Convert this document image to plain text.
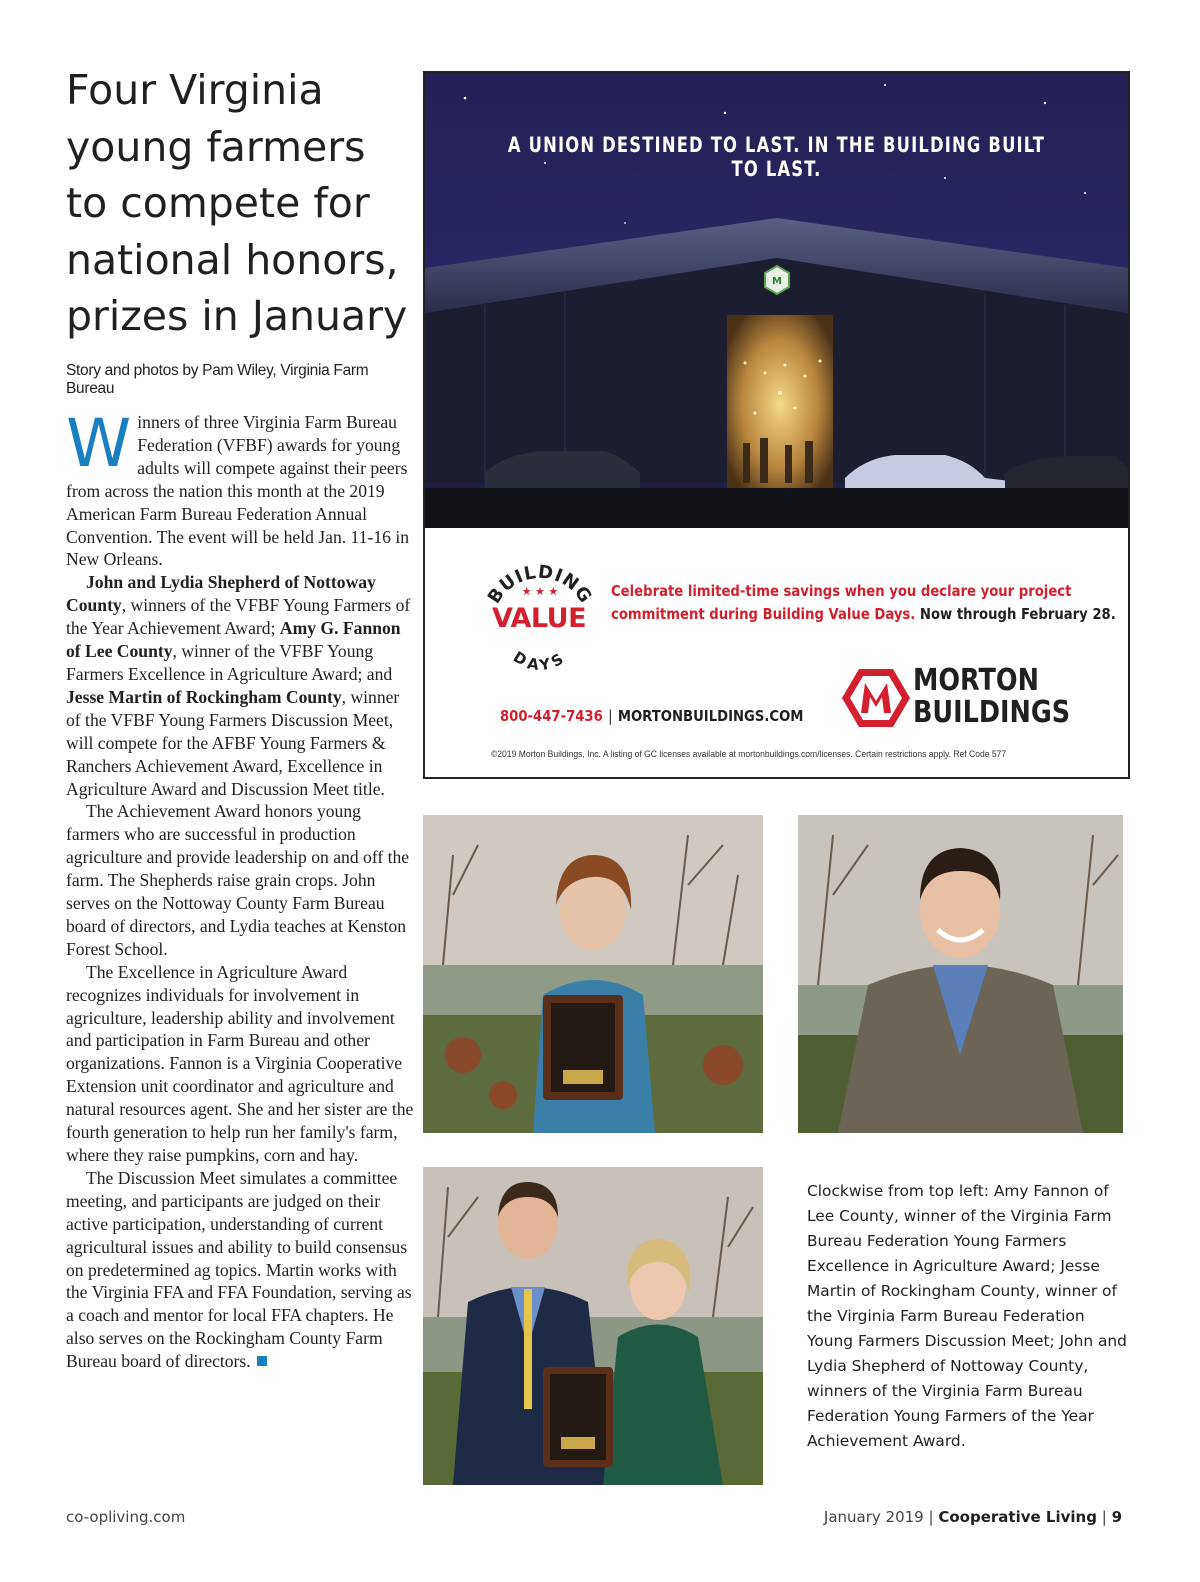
Four Virginia young farmers to compete for national honors, prizes in January
Story and photos by Pam Wiley, Virginia Farm Bureau

Winners of three Virginia Farm Bureau Federation (VFBF) awards for young adults will compete against their peers from across the nation this month at the 2019 American Farm Bureau Federation Annual Convention. The event will be held Jan. 11-16 in New Orleans.

John and Lydia Shepherd of Nottoway County, winners of the VFBF Young Farmers of the Year Achievement Award; Amy G. Fannon of Lee County, winner of the VFBF Young Farmers Excellence in Agriculture Award; and Jesse Martin of Rockingham County, winner of the VFBF Young Farmers Discussion Meet, will compete for the AFBF Young Farmers & Ranchers Achievement Award, Excellence in Agriculture Award and Discussion Meet title.

The Achievement Award honors young farmers who are successful in production agriculture and provide leadership on and off the farm. The Shepherds raise grain crops. John serves on the Nottoway County Farm Bureau board of directors, and Lydia teaches at Kenston Forest School.

The Excellence in Agriculture Award recognizes individuals for involvement in agriculture, leadership ability and involvement and participation in Farm Bureau and other organizations. Fannon is a Virginia Cooperative Extension unit coordinator and agriculture and natural resources agent. She and her sister are the fourth generation to help run her family's farm, where they raise pumpkins, corn and hay.

The Discussion Meet simulates a committee meeting, and participants are judged on their active participation, understanding of current agricultural issues and ability to build consensus on predetermined ag topics. Martin works with the Virginia FFA and FFA Foundation, serving as a coach and mentor for local FFA chapters. He also serves on the Rockingham County Farm Bureau board of directors.

M
A UNION DESTINED TO LAST. IN THE BUILDING BUILT TO LAST.
BUILDING
★ ★ ★
DAYS
VALUE
Celebrate limited-time savings when you declare your project
commitment during Building Value Days. Now through February 28.
800-447-7436 | MORTONBUILDINGS.COM
MORTON
BUILDINGS
©2019 Morton Buildings, Inc. A listing of GC licenses available at mortonbuildings.com/licenses. Certain restrictions apply. Ref Code 577
Clockwise from top left: Amy Fannon of Lee County, winner of the Virginia Farm Bureau Federation Young Farmers Excellence in Agriculture Award; Jesse Martin of Rockingham County, winner of the Virginia Farm Bureau Federation Young Farmers Discussion Meet; John and Lydia Shepherd of Nottoway County, winners of the Virginia Farm Bureau Federation Young Farmers of the Year Achievement Award.
co-opliving.com	January 2019 | Cooperative Living | 9
